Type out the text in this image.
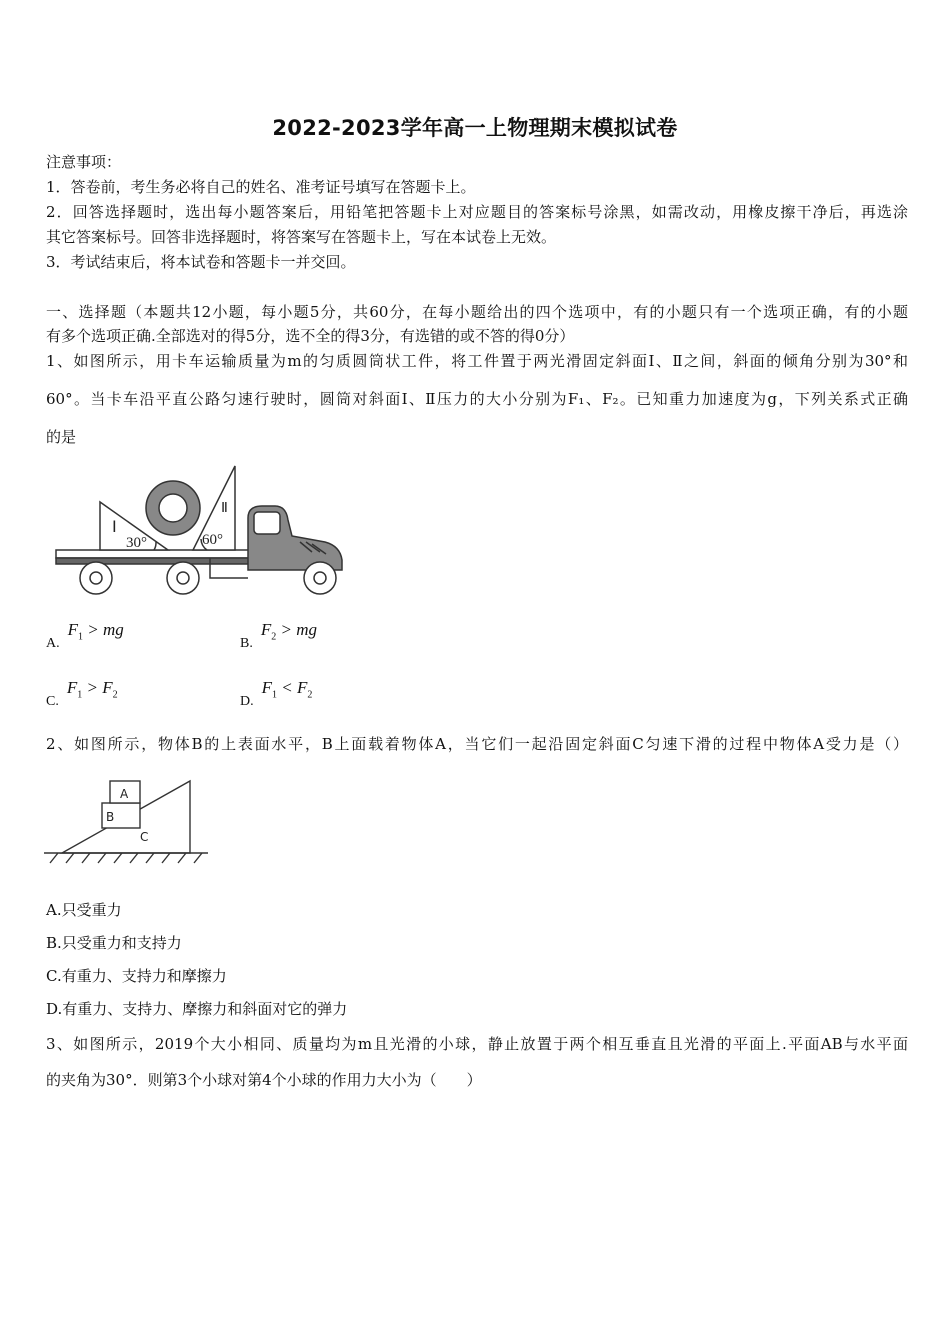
2022-2023学年高一上物理期末模拟试卷
注意事项：
1．答卷前，考生务必将自己的姓名、准考证号填写在答题卡上。
2．回答选择题时，选出每小题答案后，用铅笔把答题卡上对应题目的答案标号涂黑，如需改动，用橡皮擦干净后，再选涂
其它答案标号。回答非选择题时，将答案写在答题卡上，写在本试卷上无效。
3．考试结束后，将本试卷和答题卡一并交回。
一、选择题（本题共12小题，每小题5分，共60分，在每小题给出的四个选项中，有的小题只有一个选项正确，有的小题
有多个选项正确.全部选对的得5分，选不全的得3分，有选错的或不答的得0分）
1、如图所示，用卡车运输质量为m的匀质圆筒状工件，将工件置于两光滑固定斜面Ⅰ、Ⅱ之间，斜面的倾角分别为30°和
60°。当卡车沿平直公路匀速行驶时，圆筒对斜面Ⅰ、Ⅱ压力的大小分别为F₁、F₂。已知重力加速度为g，下列关系式正确
的是
Ⅰ
Ⅱ
30°	60°
$A.F_1$ > mg
$B.F_2$ > mg
$C.F_1 > F_2$	$D.F_1 < F_2$
2、如图所示，物体B的上表面水平，B上面载着物体A，当它们一起沿固定斜面C匀速下滑的过程中物体A受力是（）
A
B
C
A.只受重力
B.只受重力和支持力
C.有重力、支持力和摩擦力
D.有重力、支持力、摩擦力和斜面对它的弹力
3、如图所示，2019个大小相同、质量均为m且光滑的小球，静止放置于两个相互垂直且光滑的平面上.平面AB与水平面
的夹角为30°．则第3个小球对第4个小球的作用力大小为（　　）
